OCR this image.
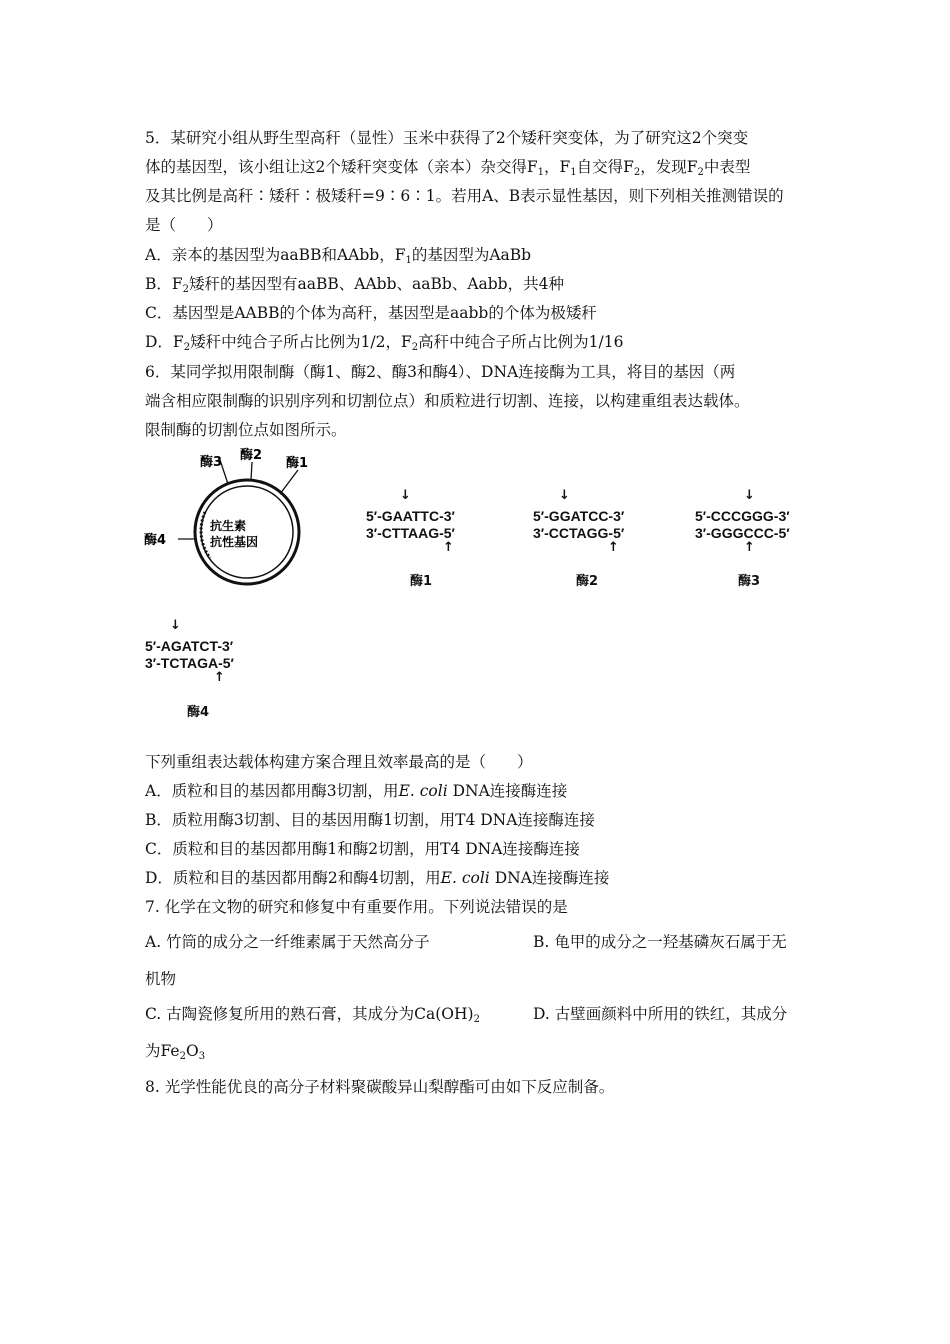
5．某研究小组从野生型高秆（显性）玉米中获得了2个矮秆突变体，为了研究这2个突变
体的基因型，该小组让这2个矮秆突变体（亲本）杂交得$F_1$，$F_1$自交得$F_2$，发现$F_2$中表型
及其比例是高秆∶矮秆∶极矮秆=9∶6∶1。若用A、B表示显性基因，则下列相关推测错误的
是（　　）
A．亲本的基因型为aaBB和AAbb，$F_1$的基因型为AaBb
B．$F_2$矮秆的基因型有aaBB、AAbb、aaBb、Aabb，共4种
C．基因型是AABB的个体为高秆，基因型是aabb的个体为极矮秆
D．$F_2$矮秆中纯合子所占比例为1/2，$F_2$高秆中纯合子所占比例为1/16
6．某同学拟用限制酶（酶1、酶2、酶3和酶4）、DNA连接酶为工具，将目的基因（两
端含相应限制酶的识别序列和切割位点）和质粒进行切割、连接，以构建重组表达载体。
限制酶的切割位点如图所示。
酶3 酶2
酶1
酶4
抗生素
抗性基因
↓
5′-GAATTC-3′
3′-CTTAAG-5′
↑
酶1
↓
5′-GGATCC-3′
3′-CCTAGG-5′
↑
酶2
↓
5′-CCCGGG-3′
3′-GGGCCC-5′
↑
酶3
↓
5′-AGATCT-3′
3′-TCTAGA-5′
↑
酶4
下列重组表达载体构建方案合理且效率最高的是（　　）
A．质粒和目的基因都用酶3切割，用E. coli DNA连接酶连接
B．质粒用酶3切割、目的基因用酶1切割，用T4 DNA连接酶连接
C．质粒和目的基因都用酶1和酶2切割，用T4 DNA连接酶连接
D．质粒和目的基因都用酶2和酶4切割，用E. coli DNA连接酶连接
7. 化学在文物的研究和修复中有重要作用。下列说法错误的是
A. 竹筒的成分之一纤维素属于天然高分子	B. 龟甲的成分之一羟基磷灰石属于无
机物
C. 古陶瓷修复所用的熟石膏，其成分为$Ca(OH)_2$	D. 古壁画颜料中所用的铁红，其成分
为$Fe_2O_3$
8. 光学性能优良的高分子材料聚碳酸异山梨醇酯可由如下反应制备。
